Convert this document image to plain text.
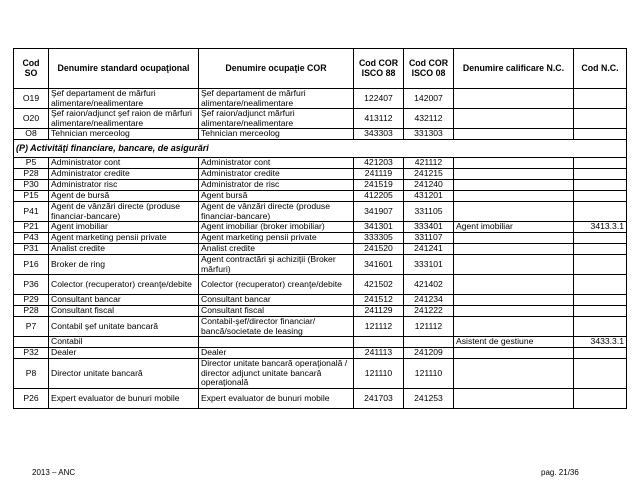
Cod SO	Denumire standard ocupaţional	Denumire ocupaţie COR	Cod COR ISCO 88	Cod COR ISCO 08	Denumire calificare N.C.	Cod N.C.
O19	Şef departament de mărfuri alimentare/nealimentare	Şef departament de mărfuri alimentare/nealimentare	122407	142007		
O20	Şef raion/adjunct şef raion de mărfuri alimentare/nealimentare	Şef raion/adjunct mărfuri alimentare/nealimentare	413112	432112		
O8	Tehnician merceolog	Tehnician merceolog	343303	331303		
(P) Activităţi financiare, bancare, de asigurări						
P5	Administrator cont	Administrator cont	421203	421112		
P28	Administrator credite	Administrator credite	241119	241215		
P30	Administrator risc	Administrator de risc	241519	241240		
P15	Agent de bursă	Agent bursă	412205	431201		
P41	Agent de vânzări directe (produse financiar-bancare)	Agent de vânzări directe (produse financiar-bancare)	341907	331105		
P21	Agent imobiliar	Agent imobiliar (broker imobiliar)	341301	333401	Agent imobiliar	3413.3.1
P43	Agent marketing pensii private	Agent marketing pensii private	333305	331107		
P31	Analist credite	Analist credite	241520	241241		
P16	Broker de ring	Agent contractări şi achiziţii (Broker mărfuri)	341601	333101		
P36	Colector (recuperator) creanţe/debite	Colector (recuperator) creanţe/debite	421502	421402		
P29	Consultant bancar	Consultant bancar	241512	241234		
P28	Consultant fiscal	Consultant fiscal	241129	241222		
P7	Contabil şef unitate bancară	Contabil-şef/director financiar/ bancă/societate de leasing	121112	121112		
	Contabil				Asistent de gestiune	3433.3.1
P32	Dealer	Dealer	241113	241209		
P8	Director unitate bancară	Director unitate bancară operaţională / director adjunct unitate bancară operaţională	121110	121110		
P26	Expert evaluator de bunuri mobile	Expert evaluator de bunuri mobile	241703	241253		
2013 – ANC	pag. 21/36
